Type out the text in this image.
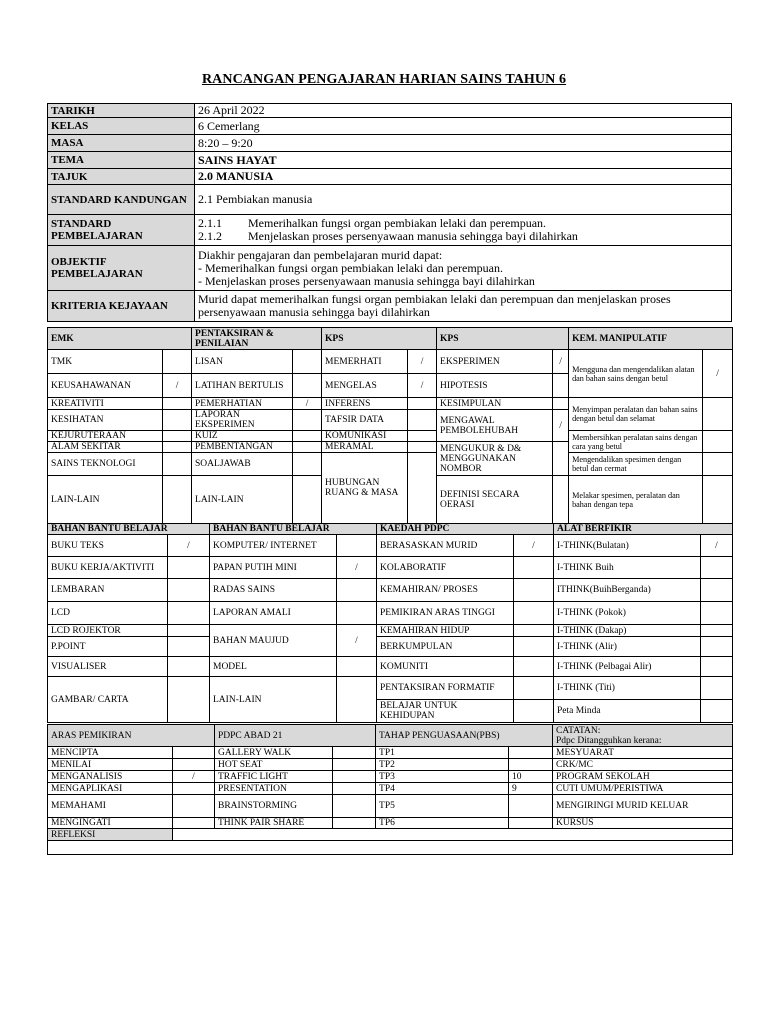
RANCANGAN PENGAJARAN HARIAN SAINS TAHUN 6
TARIKH	26 April 2022
KELAS	6 Cemerlang
MASA	8:20 – 9:20
TEMA	SAINS HAYAT
TAJUK	2.0 MANUSIA
STANDARD KANDUNGAN	2.1 Pembiakan manusia
STANDARD PEMBELAJARAN	2.1.1 Memerihalkan fungsi organ pembiakan lelaki dan perempuan.
2.1.2 Menjelaskan proses persenyawaan manusia sehingga bayi dilahirkan

OBJEKTIF PEMBELAJARAN	Diakhir pengajaran dan pembelajaran murid dapat:
- Memerihalkan fungsi organ pembiakan lelaki dan perempuan.
- Menjelaskan proses persenyawaan manusia sehingga bayi dilahirkan

KRITERIA KEJAYAAN	Murid dapat memerihalkan fungsi organ pembiakan lelaki dan perempuan dan menjelaskan proses persenyawaan manusia sehingga bayi dilahirkan
EMK		PENTAKSIRAN & PENILAIAN		KPS		KPS		KEM. MANIPULATIF	
TMK		LISAN		MEMERHATI	/	EKSPERIMEN	/	Mengguna dan mengendalikan alatan dan bahan sains dengan betul	/
KEUSAHAWANAN	/	LATIHAN BERTULIS		MENGELAS	/	HIPOTESIS			
KREATIVITI		PEMERHATIAN	/	INFERENS		KESIMPULAN		Menyimpan peralatan dan bahan sains dengan betul dan selamat	
KESIHATAN		LAPORAN EKSPERIMEN		TAFSIR DATA		MENGAWAL PEMBOLEHUBAH	/		
KEJURUTERAAN		KUIZ		KOMUNIKASI				Membersihkan peralatan sains dengan cara yang betul	
ALAM SEKITAR		PEMBENTANGAN		MERAMAL		MENGUKUR & D& MENGGUNAKAN NOMBOR			
SAINS TEKNOLOGI		SOALJAWAB		HUBUNGAN RUANG & MASA				Mengendalikan spesimen dengan betul dan cermat	
LAIN-LAIN		LAIN-LAIN				DEFINISI SECARA OERASI		Melakar spesimen, peralatan dan bahan dengan tepa	
BAHAN BANTU BELAJAR		BAHAN BANTU BELAJAR		KAEDAH PDPC		ALAT BERFIKIR	
BUKU TEKS	/	KOMPUTER/ INTERNET		BERASASKAN MURID	/	I-THINK(Bulatan)	/
BUKU KERJA/AKTIVITI		PAPAN PUTIH MINI	/	KOLABORATIF		I-THINK Buih	
LEMBARAN		RADAS SAINS		KEMAHIRAN/ PROSES		ITHINK(BuihBerganda)	
LCD		LAPORAN AMALI		PEMIKIRAN ARAS TINGGI		I-THINK (Pokok)	
LCD ROJEKTOR		BAHAN MAUJUD	/	KEMAHIRAN HIDUP		I-THINK (Dakap)	
P.POINT				BERKUMPULAN		I-THINK (Alir)	
VISUALISER		MODEL		KOMUNITI		I-THINK (Pelbagai Alir)	
GAMBAR/ CARTA		LAIN-LAIN		PENTAKSIRAN FORMATIF		I-THINK (Titi)	
				BELAJAR UNTUK KEHIDUPAN		Peta Minda	
ARAS PEMIKIRAN		PDPC ABAD 21		TAHAP PENGUASAAN(PBS)		CATATAN:
Pdpc Ditangguhkan kerana:

MENCIPTA		GALLERY WALK		TP1		MESYUARAT
MENILAI		HOT SEAT		TP2		CRK/MC
MENGANALISIS	/	TRAFFIC LIGHT		TP3	10	PROGRAM SEKOLAH
MENGAPLIKASI		PRESENTATION		TP4	9	CUTI UMUM/PERISTIWA
MEMAHAMI		BRAINSTORMING		TP5		MENGIRINGI MURID KELUAR
MENGINGATI		THINK PAIR SHARE		TP6		KURSUS
REFLEKSI						
